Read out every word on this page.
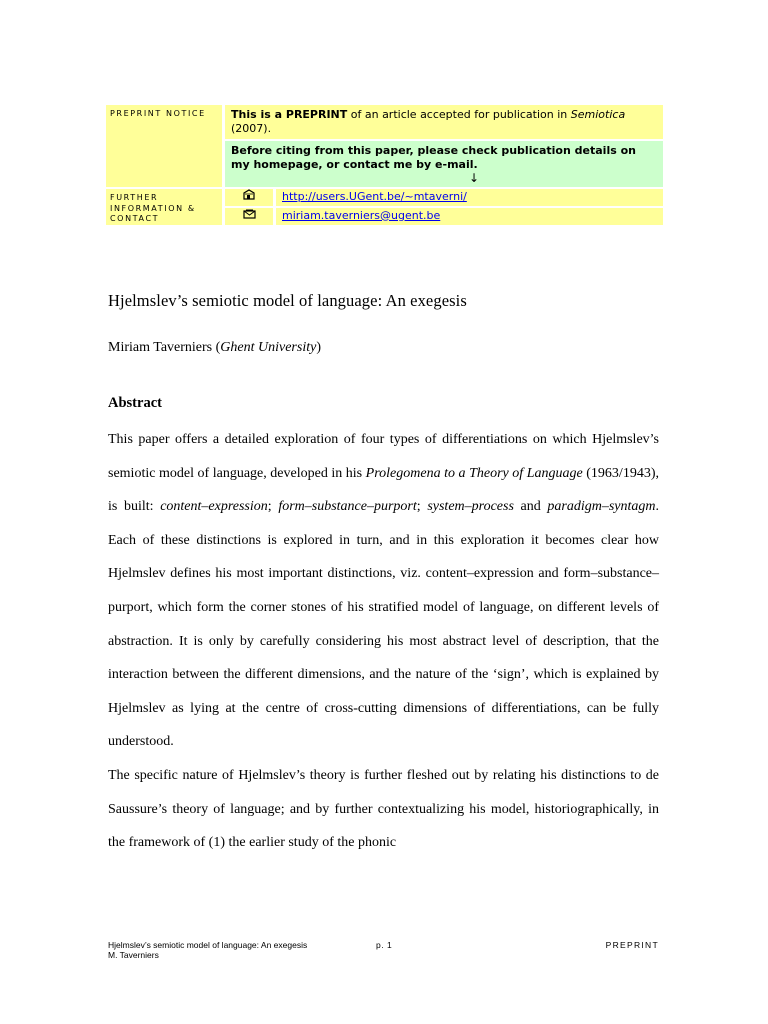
PREPRINT NOTICE		This is a PREPRINT of an article accepted for publication in Semiotica (2007).		
		Before citing from this paper, please check publication details on my homepage, or contact me by e-mail.
↓		

FURTHER INFORMATION & CONTACT				http://users.UGent.be/~mtaverni/
			miriam.taverniers@ugent.be
Hjelmslev’s semiotic model of language: An exegesis

Miriam Taverniers (Ghent University)

Abstract

This paper offers a detailed exploration of four types of differentiations on which Hjelmslev’s semiotic model of language, developed in his Prolegomena to a Theory of Language (1963/1943), is built: content–expression; form–substance–purport; system–process and paradigm–syntagm. Each of these distinctions is explored in turn, and in this exploration it becomes clear how Hjelmslev defines his most important distinctions, viz. content–expression and form–substance–purport, which form the corner stones of his stratified model of language, on different levels of abstraction. It is only by carefully considering his most abstract level of description, that the interaction between the different dimensions, and the nature of the ‘sign’, which is explained by Hjelmslev as lying at the centre of cross-cutting dimensions of differentiations, can be fully understood.

The specific nature of Hjelmslev’s theory is further fleshed out by relating his distinctions to de Saussure’s theory of language; and by further contextualizing his model, historiographically, in the framework of (1) the earlier study of the phonic

Hjelmslev’s semiotic model of language: An exegesis
M. Taverniers
p. 1	PREPRINT
